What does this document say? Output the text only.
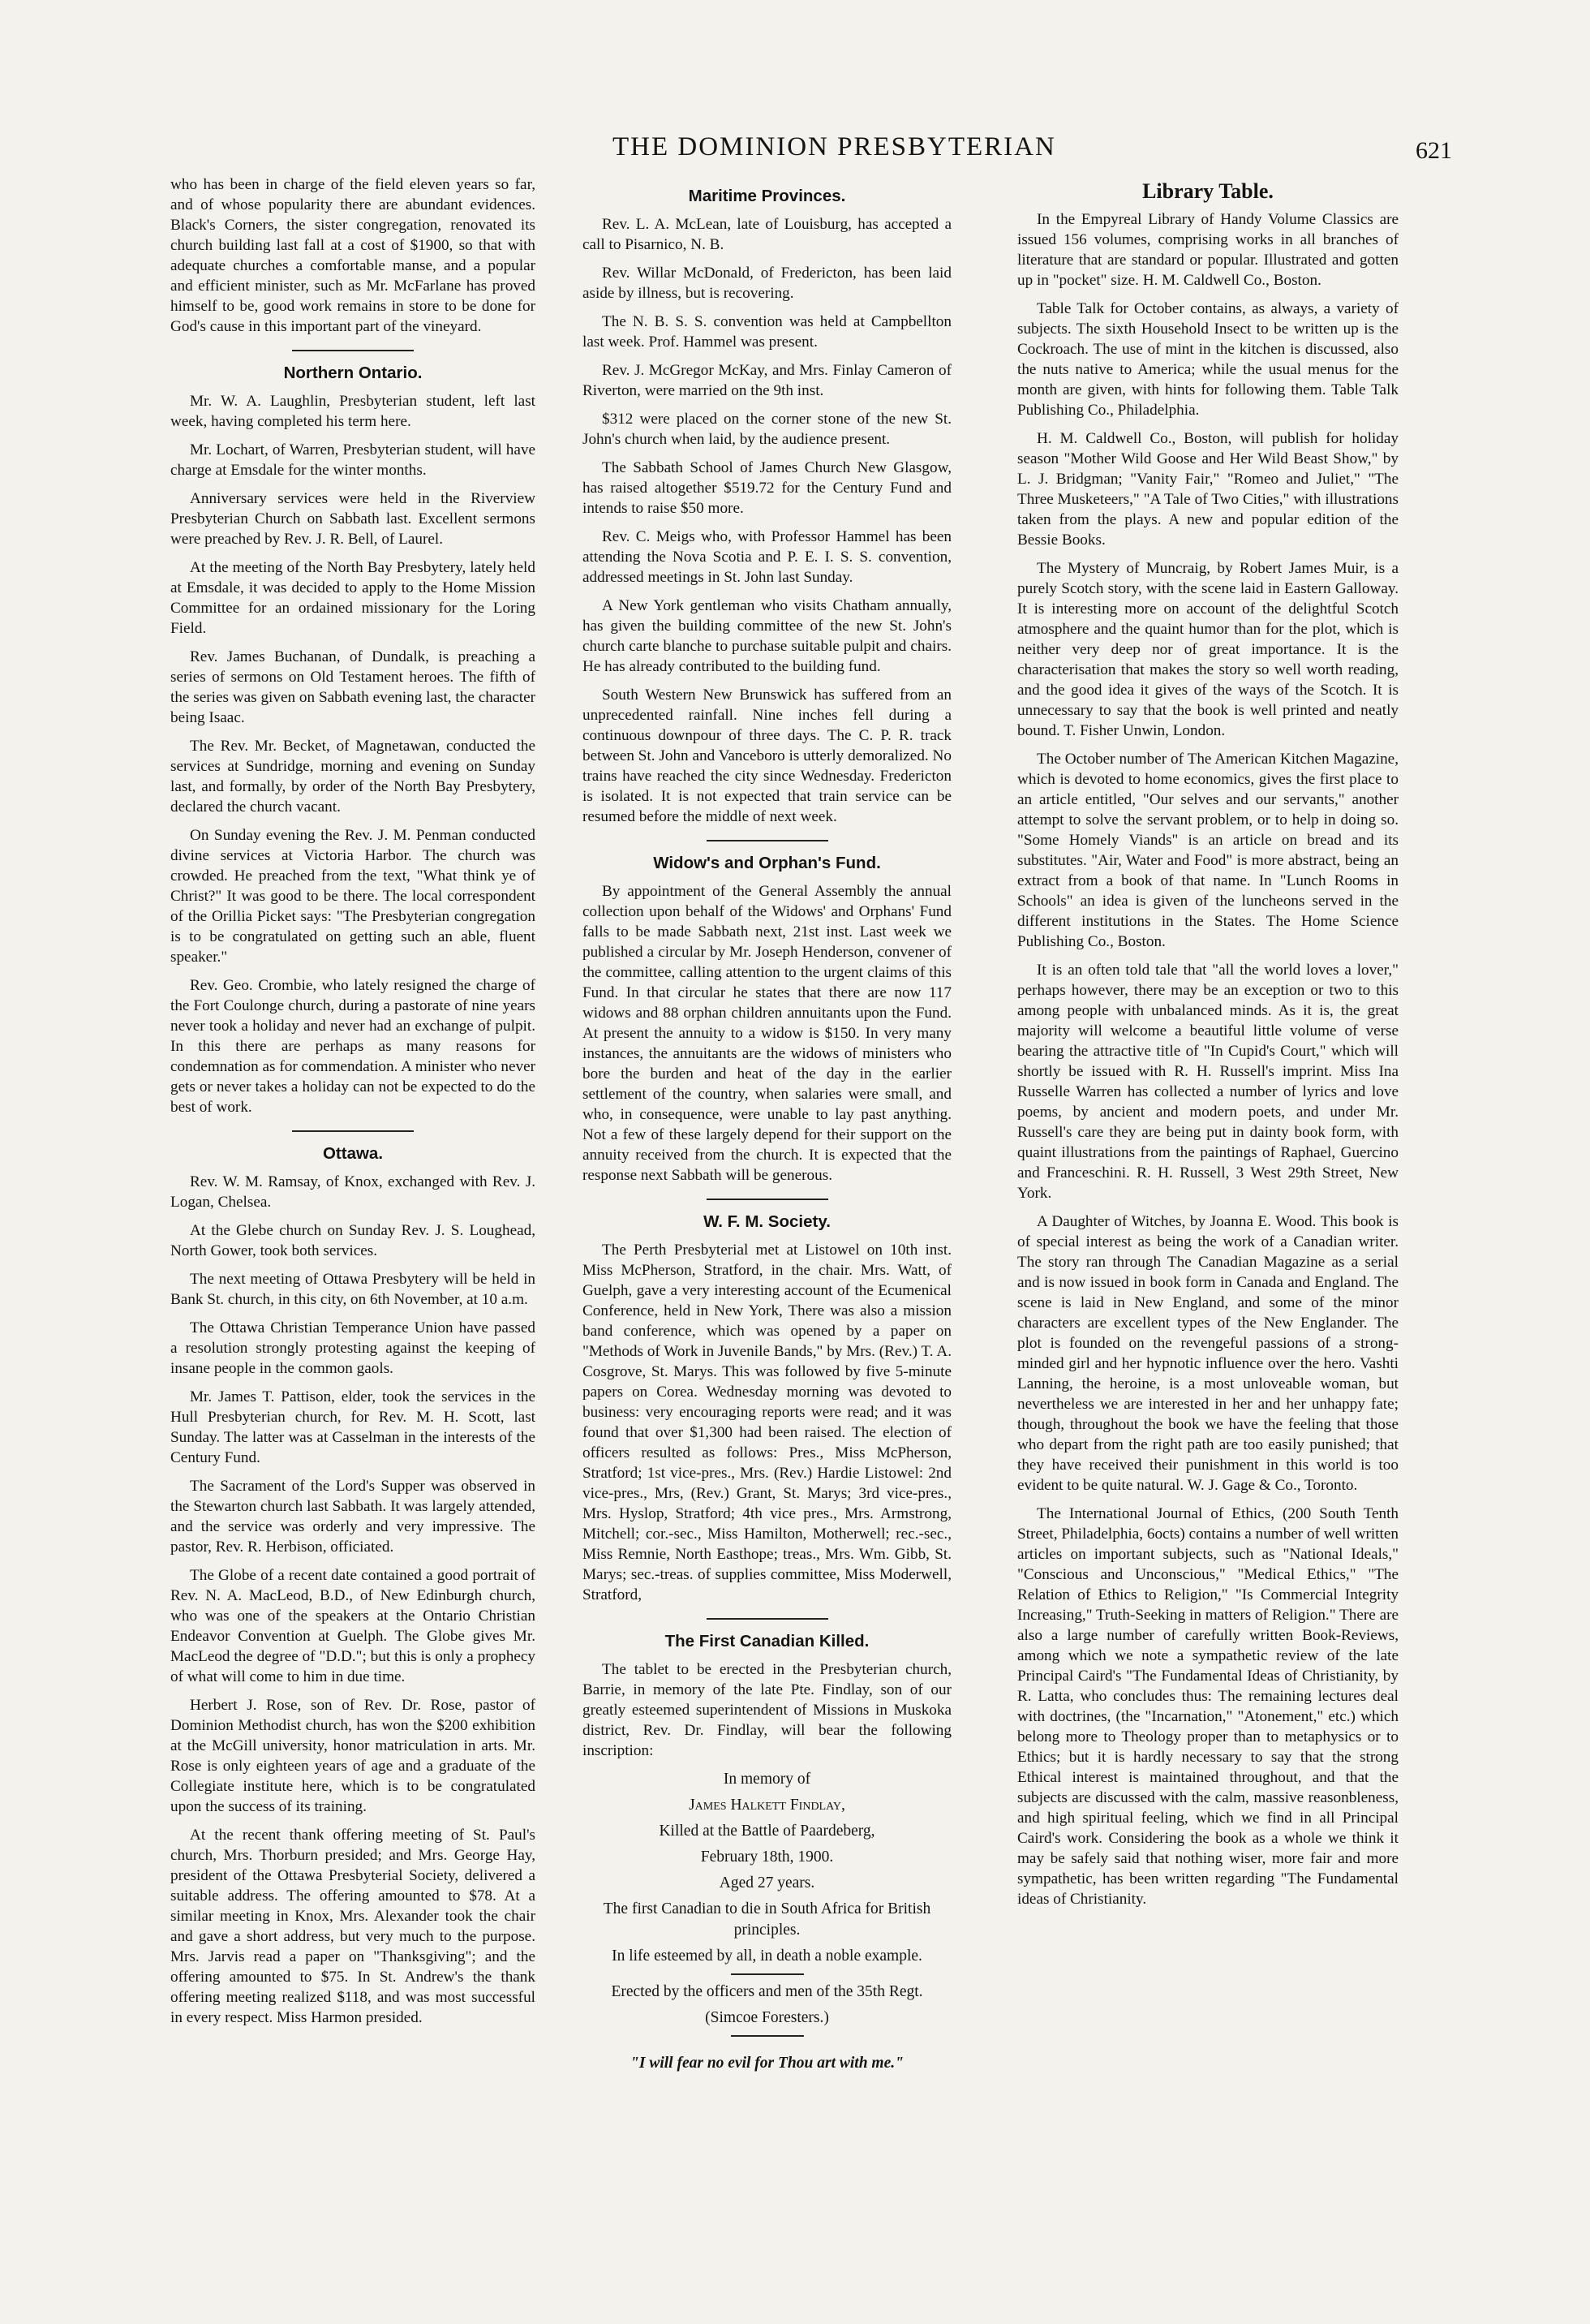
THE DOMINION PRESBYTERIAN	621

who has been in charge of the field eleven years so far, and of whose popularity there are abundant evidences. Black's Corners, the sister congregation, renovated its church building last fall at a cost of $1900, so that with adequate churches a comfortable manse, and a popular and efficient minister, such as Mr. McFarlane has proved himself to be, good work remains in store to be done for God's cause in this important part of the vineyard.

Northern Ontario.

Mr. W. A. Laughlin, Presbyterian student, left last week, having completed his term here.

Mr. Lochart, of Warren, Presbyterian student, will have charge at Emsdale for the winter months.

Anniversary services were held in the Riverview Presbyterian Church on Sabbath last. Excellent sermons were preached by Rev. J. R. Bell, of Laurel.

At the meeting of the North Bay Presbytery, lately held at Emsdale, it was decided to apply to the Home Mission Committee for an ordained missionary for the Loring Field.

Rev. James Buchanan, of Dundalk, is preaching a series of sermons on Old Testament heroes. The fifth of the series was given on Sabbath evening last, the character being Isaac.

The Rev. Mr. Becket, of Magnetawan, conducted the services at Sundridge, morning and evening on Sunday last, and formally, by order of the North Bay Presbytery, declared the church vacant.

On Sunday evening the Rev. J. M. Penman conducted divine services at Victoria Harbor. The church was crowded. He preached from the text, "What think ye of Christ?" It was good to be there. The local correspondent of the Orillia Picket says: "The Presbyterian congregation is to be congratulated on getting such an able, fluent speaker."

Rev. Geo. Crombie, who lately resigned the charge of the Fort Coulonge church, during a pastorate of nine years never took a holiday and never had an exchange of pulpit. In this there are perhaps as many reasons for condemnation as for commendation. A minister who never gets or never takes a holiday can not be expected to do the best of work.

Ottawa.

Rev. W. M. Ramsay, of Knox, exchanged with Rev. J. Logan, Chelsea.

At the Glebe church on Sunday Rev. J. S. Loughead, North Gower, took both services.

The next meeting of Ottawa Presbytery will be held in Bank St. church, in this city, on 6th November, at 10 a.m.

The Ottawa Christian Temperance Union have passed a resolution strongly protesting against the keeping of insane people in the common gaols.

Mr. James T. Pattison, elder, took the services in the Hull Presbyterian church, for Rev. M. H. Scott, last Sunday. The latter was at Casselman in the interests of the Century Fund.

The Sacrament of the Lord's Supper was observed in the Stewarton church last Sabbath. It was largely attended, and the service was orderly and very impressive. The pastor, Rev. R. Herbison, officiated.

The Globe of a recent date contained a good portrait of Rev. N. A. MacLeod, B.D., of New Edinburgh church, who was one of the speakers at the Ontario Christian Endeavor Convention at Guelph. The Globe gives Mr. MacLeod the degree of "D.D."; but this is only a prophecy of what will come to him in due time.

Herbert J. Rose, son of Rev. Dr. Rose, pastor of Dominion Methodist church, has won the $200 exhibition at the McGill university, honor matriculation in arts. Mr. Rose is only eighteen years of age and a graduate of the Collegiate institute here, which is to be congratulated upon the success of its training.

At the recent thank offering meeting of St. Paul's church, Mrs. Thorburn presided; and Mrs. George Hay, president of the Ottawa Presbyterial Society, delivered a suitable address. The offering amounted to $78. At a similar meeting in Knox, Mrs. Alexander took the chair and gave a short address, but very much to the purpose. Mrs. Jarvis read a paper on "Thanksgiving"; and the offering amounted to $75. In St. Andrew's the thank offering meeting realized $118, and was most successful in every respect. Miss Harmon presided.

Maritime Provinces.

Rev. L. A. McLean, late of Louisburg, has accepted a call to Pisarnico, N. B.

Rev. Willar McDonald, of Fredericton, has been laid aside by illness, but is recovering.

The N. B. S. S. convention was held at Campbellton last week. Prof. Hammel was present.

Rev. J. McGregor McKay, and Mrs. Finlay Cameron of Riverton, were married on the 9th inst.

$312 were placed on the corner stone of the new St. John's church when laid, by the audience present.

The Sabbath School of James Church New Glasgow, has raised altogether $519.72 for the Century Fund and intends to raise $50 more.

Rev. C. Meigs who, with Professor Hammel has been attending the Nova Scotia and P. E. I. S. S. convention, addressed meetings in St. John last Sunday.

A New York gentleman who visits Chatham annually, has given the building committee of the new St. John's church carte blanche to purchase suitable pulpit and chairs. He has already contributed to the building fund.

South Western New Brunswick has suffered from an unprecedented rainfall. Nine inches fell during a continuous downpour of three days. The C. P. R. track between St. John and Vanceboro is utterly demoralized. No trains have reached the city since Wednesday. Fredericton is isolated. It is not expected that train service can be resumed before the middle of next week.

Widow's and Orphan's Fund.

By appointment of the General Assembly the annual collection upon behalf of the Widows' and Orphans' Fund falls to be made Sabbath next, 21st inst. Last week we published a circular by Mr. Joseph Henderson, convener of the committee, calling attention to the urgent claims of this Fund. In that circular he states that there are now 117 widows and 88 orphan children annuitants upon the Fund. At present the annuity to a widow is $150. In very many instances, the annuitants are the widows of ministers who bore the burden and heat of the day in the earlier settlement of the country, when salaries were small, and who, in consequence, were unable to lay past anything. Not a few of these largely depend for their support on the annuity received from the church. It is expected that the response next Sabbath will be generous.

W. F. M. Society.

The Perth Presbyterial met at Listowel on 10th inst. Miss McPherson, Stratford, in the chair. Mrs. Watt, of Guelph, gave a very interesting account of the Ecumenical Conference, held in New York, There was also a mission band conference, which was opened by a paper on "Methods of Work in Juvenile Bands," by Mrs. (Rev.) T. A. Cosgrove, St. Marys. This was followed by five 5-minute papers on Corea. Wednesday morning was devoted to business: very encouraging reports were read; and it was found that over $1,300 had been raised. The election of officers resulted as follows: Pres., Miss McPherson, Stratford; 1st vice-pres., Mrs. (Rev.) Hardie Listowel: 2nd vice-pres., Mrs, (Rev.) Grant, St. Marys; 3rd vice-pres., Mrs. Hyslop, Stratford; 4th vice pres., Mrs. Armstrong, Mitchell; cor.-sec., Miss Hamilton, Motherwell; rec.-sec., Miss Remnie, North Easthope; treas., Mrs. Wm. Gibb, St. Marys; sec.-treas. of supplies committee, Miss Moderwell, Stratford,

The First Canadian Killed.

The tablet to be erected in the Presbyterian church, Barrie, in memory of the late Pte. Findlay, son of our greatly esteemed superintendent of Missions in Muskoka district, Rev. Dr. Findlay, will bear the following inscription:

In memory of
James Halkett Findlay,
Killed at the Battle of Paardeberg,
February 18th, 1900.
Aged 27 years.
The first Canadian to die in South Africa for British principles.
In life esteemed by all, in death a noble example.
Erected by the officers and men of the 35th Regt.
(Simcoe Foresters.)
"I will fear no evil for Thou art with me."
Library Table.

In the Empyreal Library of Handy Volume Classics are issued 156 volumes, comprising works in all branches of literature that are standard or popular. Illustrated and gotten up in "pocket" size. H. M. Caldwell Co., Boston.

Table Talk for October contains, as always, a variety of subjects. The sixth Household Insect to be written up is the Cockroach. The use of mint in the kitchen is discussed, also the nuts native to America; while the usual menus for the month are given, with hints for following them. Table Talk Publishing Co., Philadelphia.

H. M. Caldwell Co., Boston, will publish for holiday season "Mother Wild Goose and Her Wild Beast Show," by L. J. Bridgman; "Vanity Fair," "Romeo and Juliet," "The Three Musketeers," "A Tale of Two Cities," with illustrations taken from the plays. A new and popular edition of the Bessie Books.

The Mystery of Muncraig, by Robert James Muir, is a purely Scotch story, with the scene laid in Eastern Galloway. It is interesting more on account of the delightful Scotch atmosphere and the quaint humor than for the plot, which is neither very deep nor of great importance. It is the characterisation that makes the story so well worth reading, and the good idea it gives of the ways of the Scotch. It is unnecessary to say that the book is well printed and neatly bound. T. Fisher Unwin, London.

The October number of The American Kitchen Magazine, which is devoted to home economics, gives the first place to an article entitled, "Our selves and our servants," another attempt to solve the servant problem, or to help in doing so. "Some Homely Viands" is an article on bread and its substitutes. "Air, Water and Food" is more abstract, being an extract from a book of that name. In "Lunch Rooms in Schools" an idea is given of the luncheons served in the different institutions in the States. The Home Science Publishing Co., Boston.

It is an often told tale that "all the world loves a lover," perhaps however, there may be an exception or two to this among people with unbalanced minds. As it is, the great majority will welcome a beautiful little volume of verse bearing the attractive title of "In Cupid's Court," which will shortly be issued with R. H. Russell's imprint. Miss Ina Russelle Warren has collected a number of lyrics and love poems, by ancient and modern poets, and under Mr. Russell's care they are being put in dainty book form, with quaint illustrations from the paintings of Raphael, Guercino and Franceschini. R. H. Russell, 3 West 29th Street, New York.

A Daughter of Witches, by Joanna E. Wood. This book is of special interest as being the work of a Canadian writer. The story ran through The Canadian Magazine as a serial and is now issued in book form in Canada and England. The scene is laid in New England, and some of the minor characters are excellent types of the New Englander. The plot is founded on the revengeful passions of a strong-minded girl and her hypnotic influence over the hero. Vashti Lanning, the heroine, is a most unloveable woman, but nevertheless we are interested in her and her unhappy fate; though, throughout the book we have the feeling that those who depart from the right path are too easily punished; that they have received their punishment in this world is too evident to be quite natural. W. J. Gage & Co., Toronto.

The International Journal of Ethics, (200 South Tenth Street, Philadelphia, 6octs) contains a number of well written articles on important subjects, such as "National Ideals," "Conscious and Unconscious," "Medical Ethics," "The Relation of Ethics to Religion," "Is Commercial Integrity Increasing," Truth-Seeking in matters of Religion." There are also a large number of carefully written Book-Reviews, among which we note a sympathetic review of the late Principal Caird's "The Fundamental Ideas of Christianity, by R. Latta, who concludes thus: The remaining lectures deal with doctrines, (the "Incarnation," "Atonement," etc.) which belong more to Theology proper than to metaphysics or to Ethics; but it is hardly necessary to say that the strong Ethical interest is maintained throughout, and that the subjects are discussed with the calm, massive reasonbleness, and high spiritual feeling, which we find in all Principal Caird's work. Considering the book as a whole we think it may be safely said that nothing wiser, more fair and more sympathetic, has been written regarding "The Fundamental ideas of Christianity.
